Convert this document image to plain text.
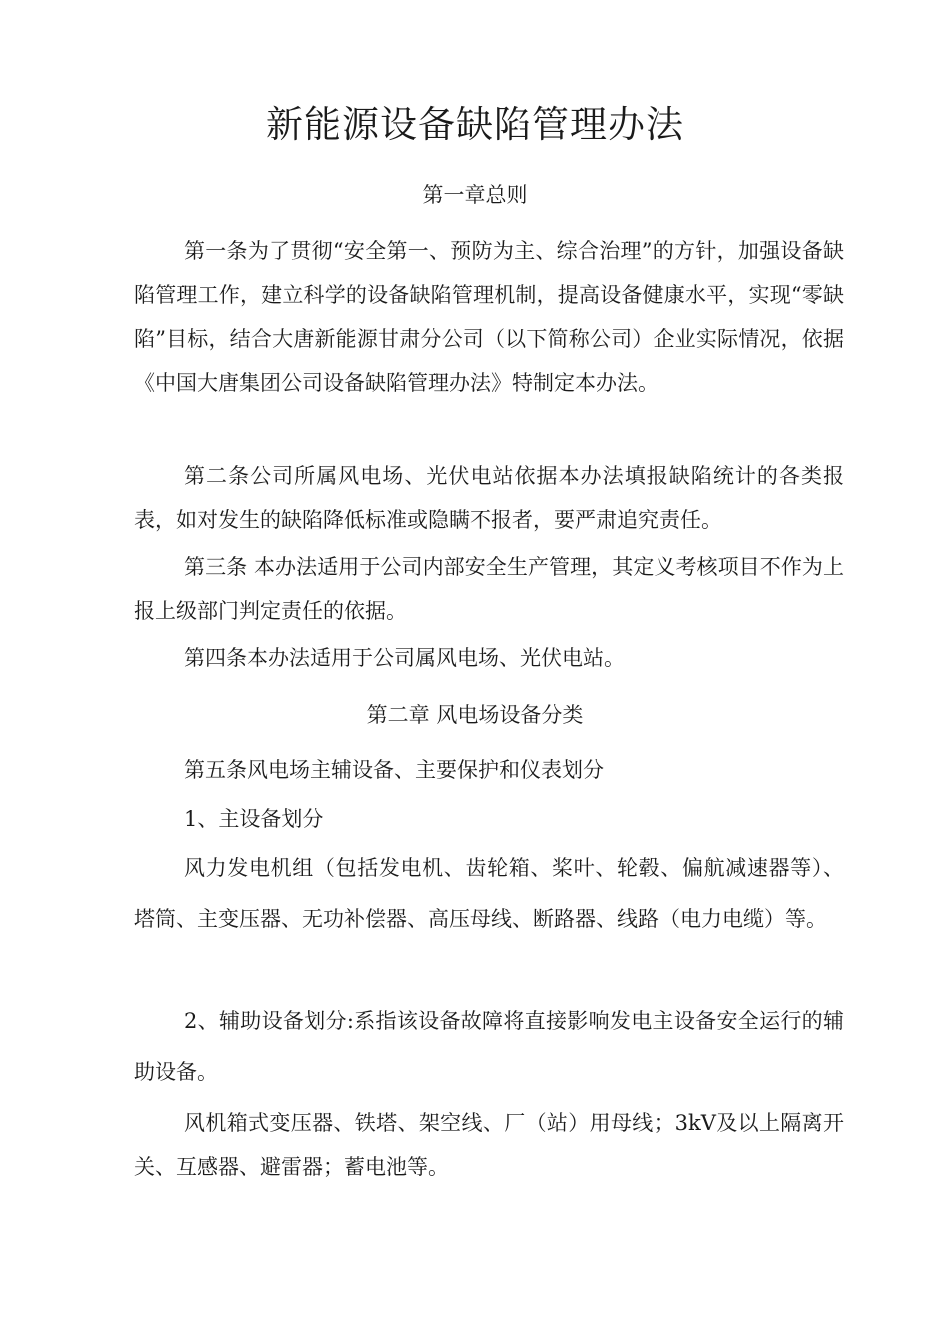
新能源设备缺陷管理办法
第一章总则

第一条为了贯彻“安全第一、预防为主、综合治理”的方针，加强设备缺陷管理工作，建立科学的设备缺陷管理机制，提高设备健康水平，实现“零缺陷”目标，结合大唐新能源甘肃分公司（以下简称公司）企业实际情况，依据《中国大唐集团公司设备缺陷管理办法》特制定本办法。

第二条公司所属风电场、光伏电站依据本办法填报缺陷统计的各类报表，如对发生的缺陷降低标准或隐瞒不报者，要严肃追究责任。

第三条 本办法适用于公司内部安全生产管理，其定义考核项目不作为上报上级部门判定责任的依据。

第四条本办法适用于公司属风电场、光伏电站。

第二章 风电场设备分类

第五条风电场主辅设备、主要保护和仪表划分

1、主设备划分

风力发电机组（包括发电机、齿轮箱、桨叶、轮毂、偏航减速器等）、塔筒、主变压器、无功补偿器、高压母线、断路器、线路（电力电缆）等。

2、辅助设备划分:系指该设备故障将直接影响发电主设备安全运行的辅助设备。

风机箱式变压器、铁塔、架空线、厂（站）用母线；3kV及以上隔离开关、互感器、避雷器；蓄电池等。
